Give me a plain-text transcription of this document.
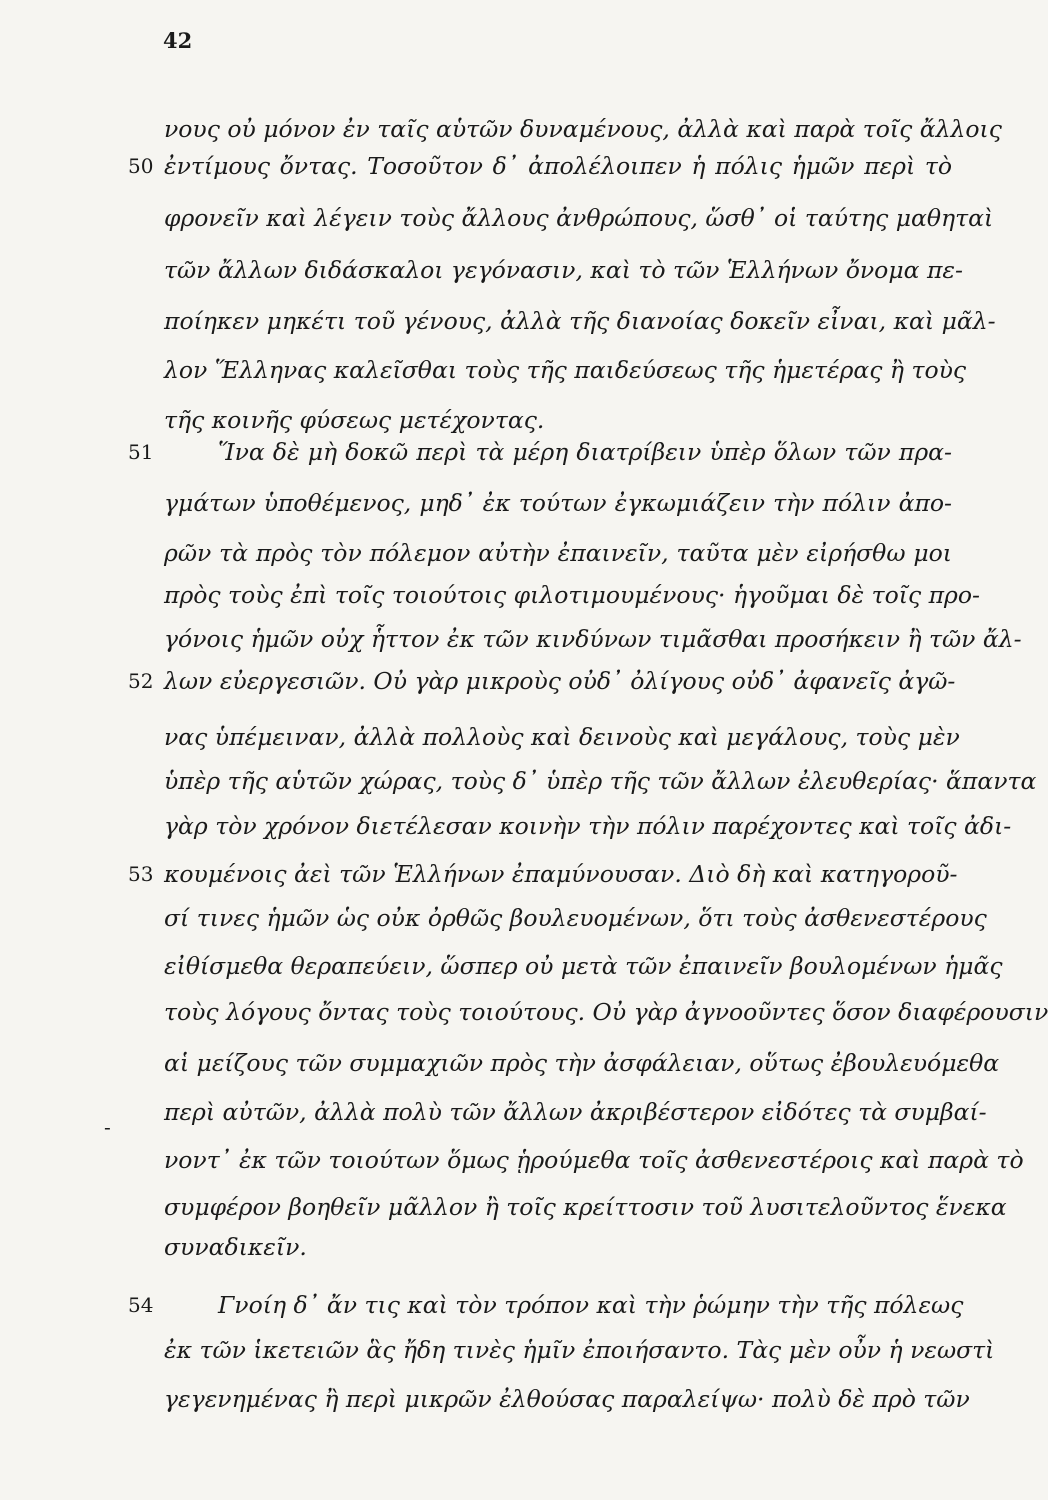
42
50
51
52
53
54
-
νους οὐ μόνον ἐν ταῖς αὑτῶν δυναμένους, ἀλλὰ καὶ παρὰ τοῖς ἄλλοις
ἐντίμους ὄντας. Τοσοῦτον δ᾽ ἀπολέλοιπεν ἡ πόλις ἡμῶν περὶ τὸ
φρονεῖν καὶ λέγειν τοὺς ἄλλους ἀνθρώπους, ὥσθ᾽ οἱ ταύτης μαθηταὶ
τῶν ἄλλων διδάσκαλοι γεγόνασιν, καὶ τὸ τῶν Ἑλλήνων ὄνομα πε-
ποίηκεν μηκέτι τοῦ γένους, ἀλλὰ τῆς διανοίας δοκεῖν εἶναι, καὶ μᾶλ-
λον Ἕλληνας καλεῖσθαι τοὺς τῆς παιδεύσεως τῆς ἡμετέρας ἢ τοὺς
τῆς κοινῆς φύσεως μετέχοντας.
Ἵνα δὲ μὴ δοκῶ περὶ τὰ μέρη διατρίβειν ὑπὲρ ὅλων τῶν πρα-
γμάτων ὑποθέμενος, μηδ᾽ ἐκ τούτων ἐγκωμιάζειν τὴν πόλιν ἀπο-
ρῶν τὰ πρὸς τὸν πόλεμον αὐτὴν ἐπαινεῖν, ταῦτα μὲν εἰρήσθω μοι
πρὸς τοὺς ἐπὶ τοῖς τοιούτοις φιλοτιμουμένους· ἡγοῦμαι δὲ τοῖς προ-
γόνοις ἡμῶν οὐχ ἧττον ἐκ τῶν κινδύνων τιμᾶσθαι προσήκειν ἢ τῶν ἄλ-
λων εὐεργεσιῶν. Οὐ γὰρ μικροὺς οὐδ᾽ ὀλίγους οὐδ᾽ ἀφανεῖς ἀγῶ-
νας ὑπέμειναν, ἀλλὰ πολλοὺς καὶ δεινοὺς καὶ μεγάλους, τοὺς μὲν
ὑπὲρ τῆς αὑτῶν χώρας, τοὺς δ᾽ ὑπὲρ τῆς τῶν ἄλλων ἐλευθερίας· ἅπαντα
γὰρ τὸν χρόνον διετέλεσαν κοινὴν τὴν πόλιν παρέχοντες καὶ τοῖς ἀδι-
κουμένοις ἀεὶ τῶν Ἑλλήνων ἐπαμύνουσαν. Διὸ δὴ καὶ κατηγοροῦ-
σί τινες ἡμῶν ὡς οὐκ ὀρθῶς βουλευομένων, ὅτι τοὺς ἀσθενεστέρους
εἰθίσμεθα θεραπεύειν, ὥσπερ οὐ μετὰ τῶν ἐπαινεῖν βουλομένων ἡμᾶς
τοὺς λόγους ὄντας τοὺς τοιούτους. Οὐ γὰρ ἀγνοοῦντες ὅσον διαφέρουσιν
αἱ μείζους τῶν συμμαχιῶν πρὸς τὴν ἀσφάλειαν, οὕτως ἐβουλευόμεθα
περὶ αὐτῶν, ἀλλὰ πολὺ τῶν ἄλλων ἀκριβέστερον εἰδότες τὰ συμβαί-
νοντ᾽ ἐκ τῶν τοιούτων ὅμως ᾑρούμεθα τοῖς ἀσθενεστέροις καὶ παρὰ τὸ
συμφέρον βοηθεῖν μᾶλλον ἢ τοῖς κρείττοσιν τοῦ λυσιτελοῦντος ἕνεκα
συναδικεῖν.
Γνοίη δ᾽ ἄν τις καὶ τὸν τρόπον καὶ τὴν ῥώμην τὴν τῆς πόλεως
ἐκ τῶν ἱκετειῶν ἃς ἤδη τινὲς ἡμῖν ἐποιήσαντο. Τὰς μὲν οὖν ἡ νεωστὶ
γεγενημένας ἢ περὶ μικρῶν ἐλθούσας παραλείψω· πολὺ δὲ πρὸ τῶν
